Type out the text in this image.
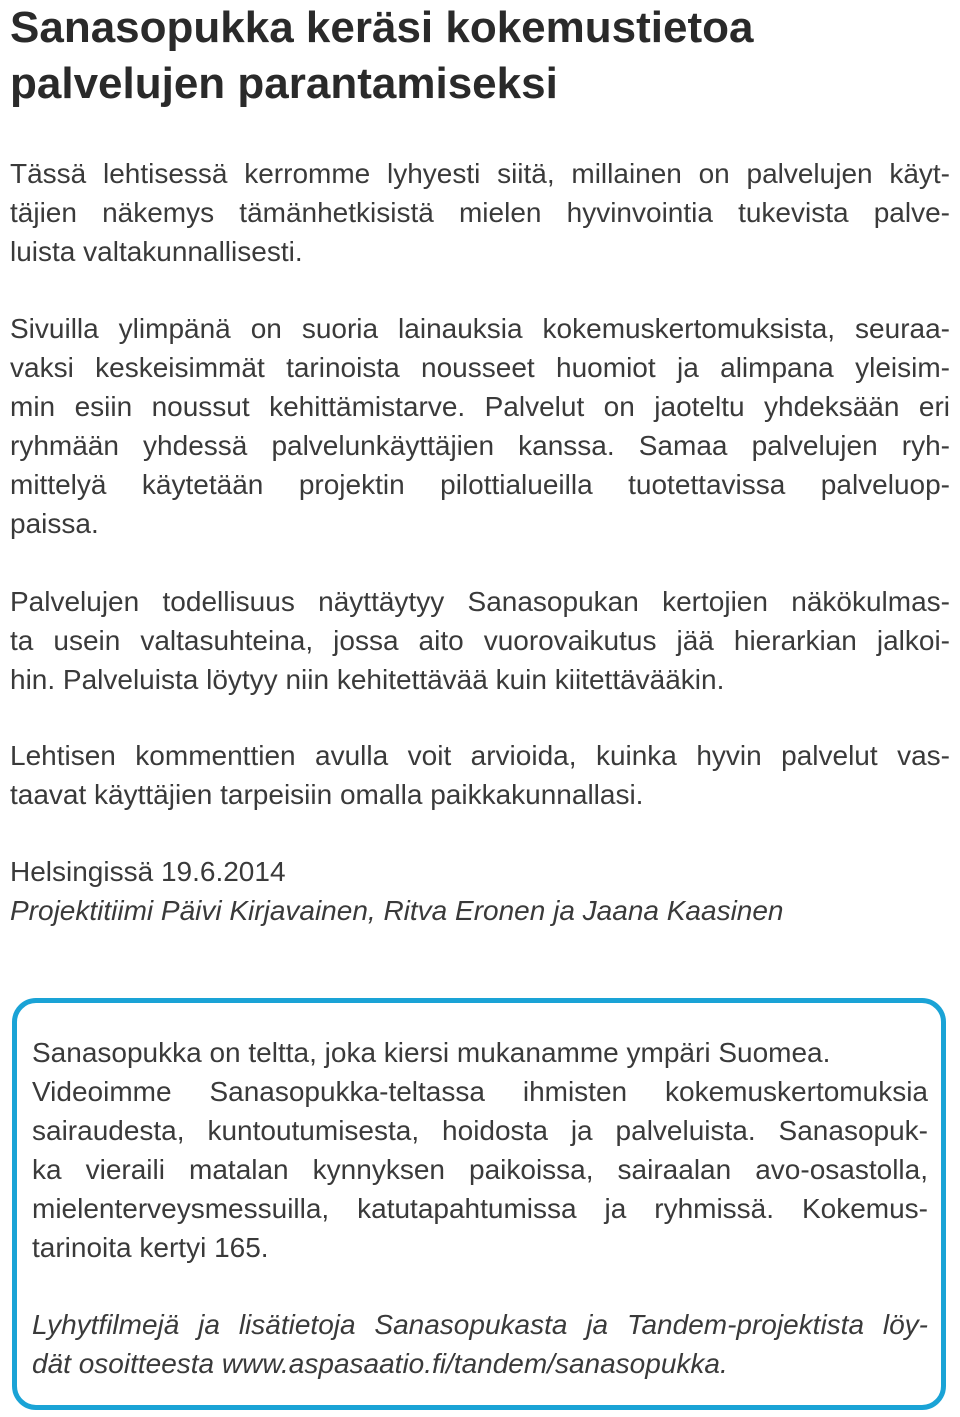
Sanasopukka keräsi kokemustietoa
palvelujen parantamiseksi

Tässä lehtisessä kerromme lyhyesti siitä, millainen on palvelujen käyt-
täjien näkemys tämänhetkisistä mielen hyvinvointia tukevista palve-
luista valtakunnallisesti.

Sivuilla ylimpänä on suoria lainauksia kokemuskertomuksista, seuraa-
vaksi keskeisimmät tarinoista nousseet huomiot ja alimpana yleisim-
min esiin noussut kehittämistarve. Palvelut on jaoteltu yhdeksään eri
ryhmään yhdessä palvelunkäyttäjien kanssa. Samaa palvelujen ryh-
mittelyä käytetään projektin pilottialueilla tuotettavissa palveluop-
paissa.

Palvelujen todellisuus näyttäytyy Sanasopukan kertojien näkökulmas-
ta usein valtasuhteina, jossa aito vuorovaikutus jää hierarkian jalkoi-
hin. Palveluista löytyy niin kehitettävää kuin kiitettävääkin.

Lehtisen kommenttien avulla voit arvioida, kuinka hyvin palvelut vas-
taavat käyttäjien tarpeisiin omalla paikkakunnallasi.

Helsingissä 19.6.2014
Projektitiimi Päivi Kirjavainen, Ritva Eronen ja Jaana Kaasinen

Sanasopukka on teltta, joka kiersi mukanamme ympäri Suomea.
Videoimme Sanasopukka-teltassa ihmisten kokemuskertomuksia
sairaudesta, kuntoutumisesta, hoidosta ja palveluista. Sanasopuk-
ka vieraili matalan kynnyksen paikoissa, sairaalan avo-osastolla,
mielenterveysmessuilla, katutapahtumissa ja ryhmissä. Kokemus-
tarinoita kertyi 165.

Lyhytfilmejä ja lisätietoja Sanasopukasta ja Tandem-projektista löy-
dät osoitteesta www.aspasaatio.fi/tandem/sanasopukka.
